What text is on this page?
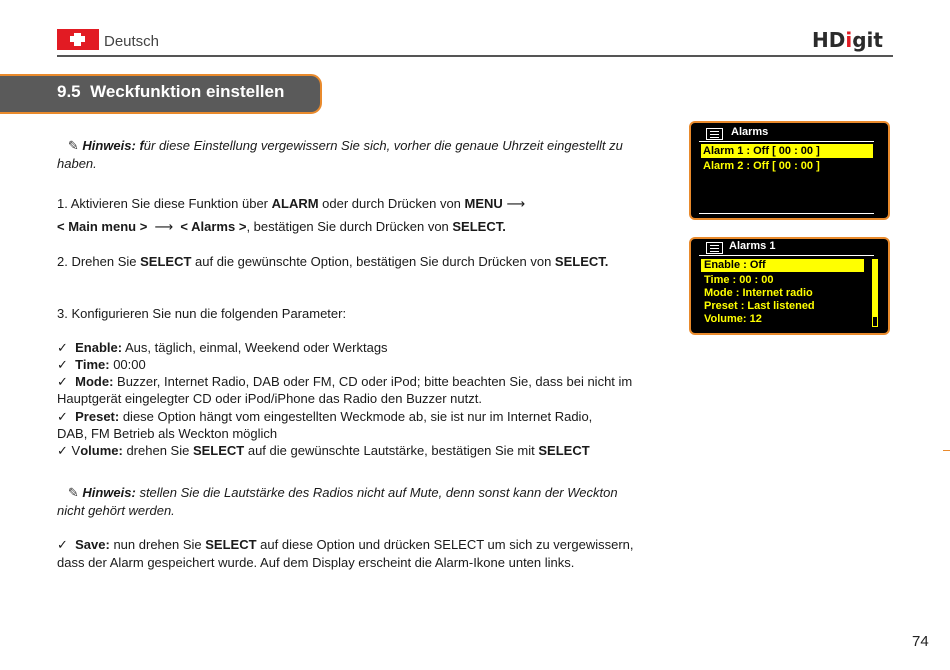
Deutsch	HDigit
9.5 Weckfunktion einstellen
✎ Hinweis: für diese Einstellung vergewissern Sie sich, vorher die genaue Uhrzeit eingestellt zu
haben.
1. Aktivieren Sie diese Funktion über ALARM oder durch Drücken von MENU ⟶
< Main menu > ⟶ < Alarms >, bestätigen Sie durch Drücken von SELECT.
2. Drehen Sie SELECT auf die gewünschte Option, bestätigen Sie durch Drücken von SELECT.
3. Konfigurieren Sie nun die folgenden Parameter:
✓ Enable: Aus, täglich, einmal, Weekend oder Werktags
✓ Time: 00:00
✓ Mode: Buzzer, Internet Radio, DAB oder FM, CD oder iPod; bitte beachten Sie, dass bei nicht im
Hauptgerät eingelegter CD oder iPod/iPhone das Radio den Buzzer nutzt.
✓ Preset: diese Option hängt vom eingestellten Weckmode ab, sie ist nur im Internet Radio,
DAB, FM Betrieb als Weckton möglich
✓ Volume: drehen Sie SELECT auf die gewünschte Lautstärke, bestätigen Sie mit SELECT
✎ Hinweis: stellen Sie die Lautstärke des Radios nicht auf Mute, denn sonst kann der Weckton
nicht gehört werden.
✓ Save: nun drehen Sie SELECT auf diese Option und drücken SELECT um sich zu vergewissern,
dass der Alarm gespeichert wurde. Auf dem Display erscheint die Alarm-Ikone unten links.
Alarms
Alarm 1 : Off [ 00 : 00 ]
Alarm 2 : Off [ 00 : 00 ]
Alarms 1
Enable : Off
Time : 00 : 00
Mode : Internet radio
Preset : Last listened
Volume: 12
74
